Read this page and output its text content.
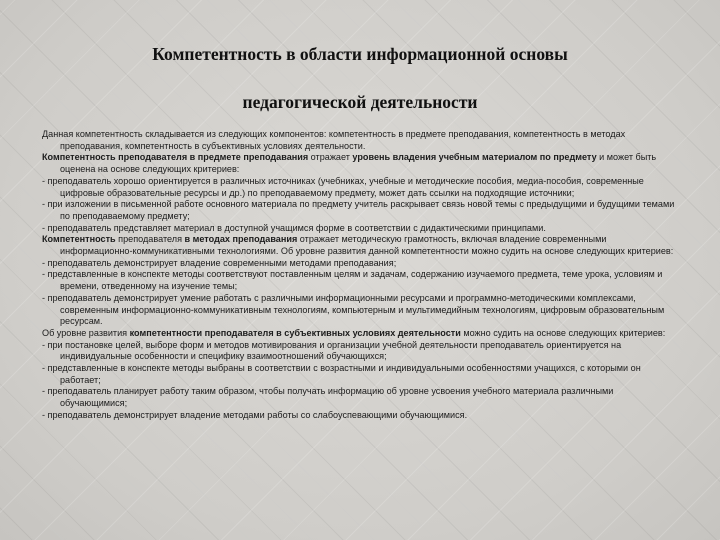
Компетентность в области информационной основы
педагогической деятельности

Данная компетентность складывается из следующих компонентов: компетентность в предмете преподавания, компетентность в методах преподавания, компетентность в субъективных условиях деятельности.

Компетентность преподавателя в предмете преподавания отражает уровень владения учебным материалом по предмету и может быть оценена на основе следующих критериев:

- преподаватель хорошо ориентируется в различных источниках (учебниках, учебные и методические пособия, медиа-пособия, современные цифровые образовательные ресурсы и др.) по преподаваемому предмету, может дать ссылки на подходящие источники;

- при изложении в письменной работе основного материала по предмету учитель раскрывает связь новой темы с предыдущими и будущими темами по преподаваемому предмету;

- преподаватель представляет материал в доступной учащимся форме в соответствии с дидактическими принципами.

Компетентность преподавателя в методах преподавания отражает методическую грамотность, включая владение современными информационно-коммуникативными технологиями. Об уровне развития данной компетентности можно судить на основе следующих критериев:

- преподаватель демонстрирует владение современными методами преподавания;

- представленные в конспекте методы соответствуют поставленным целям и задачам, содержанию изучаемого предмета, теме урока, условиям и времени, отведенному на изучение темы;

- преподаватель демонстрирует умение работать с различными информационными ресурсами и программно-методическими комплексами, современным информационно-коммуникативным технологиям, компьютерным и мультимедийным технологиям, цифровым образовательным ресурсам.

Об уровне развития компетентности преподавателя в субъективных условиях деятельности можно судить на основе следующих критериев:

- при постановке целей, выборе форм и методов мотивирования и организации учебной деятельности преподаватель ориентируется на индивидуальные особенности и специфику взаимоотношений обучающихся;

- представленные в конспекте методы выбраны в соответствии с возрастными и индивидуальными особенностями учащихся, с которыми он работает;

- преподаватель планирует работу таким образом, чтобы получать информацию об уровне усвоения учебного материала различными обучающимися;

- преподаватель демонстрирует владение методами работы со слабоуспевающими обучающимися.
